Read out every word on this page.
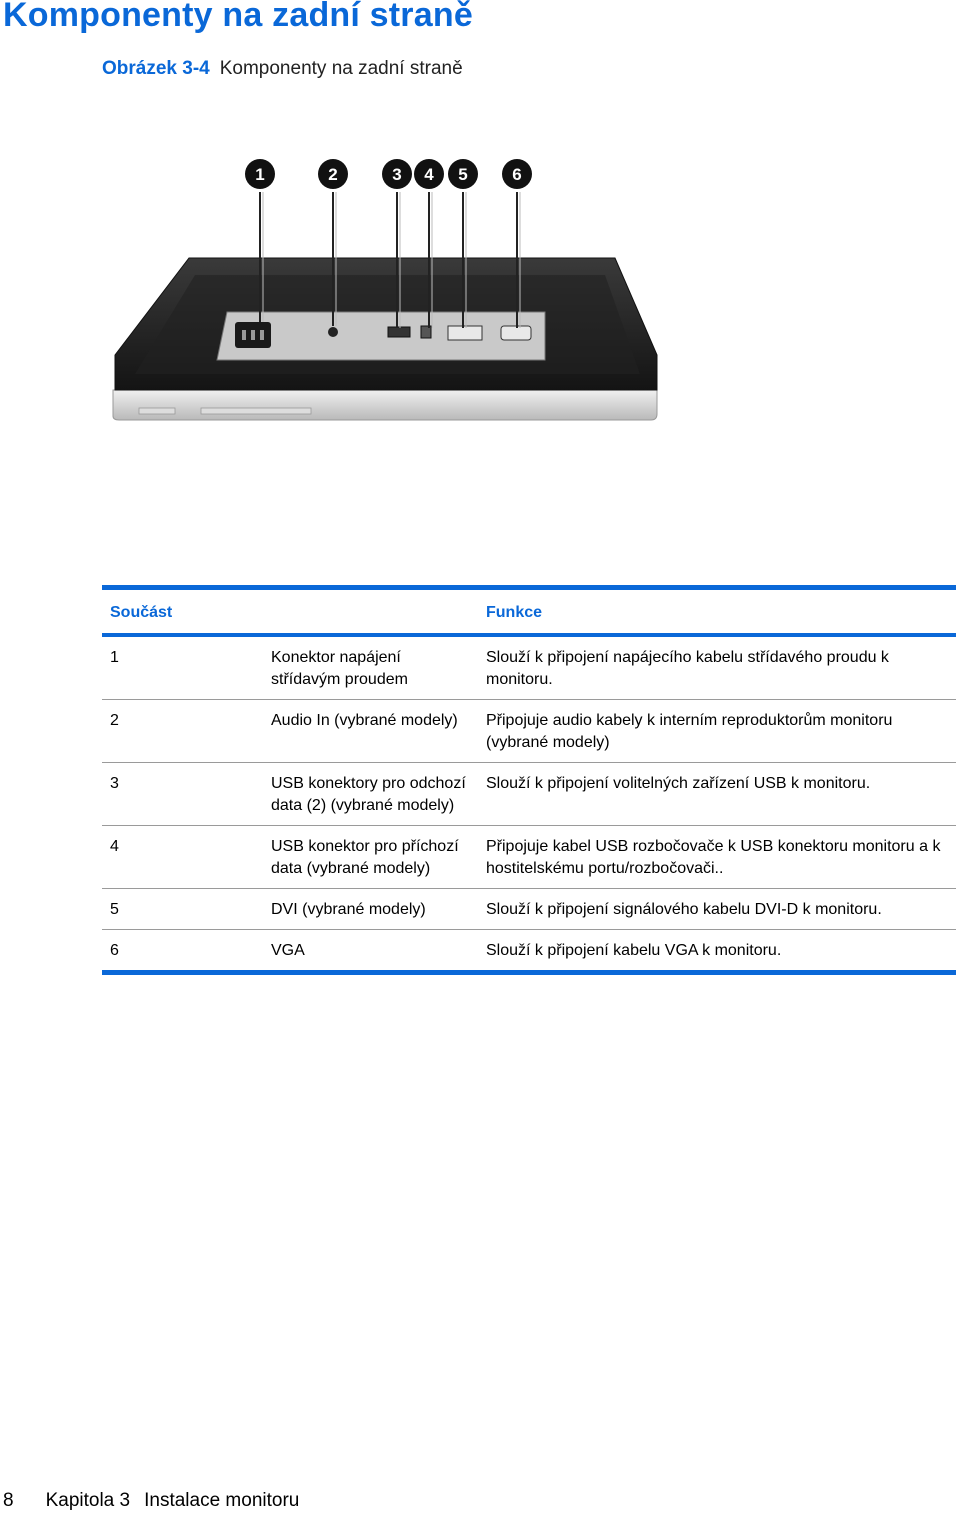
Komponenty na zadní straně
Obrázek 3-4 Komponenty na zadní straně
1	2	3 4 5	6
Součást		Funkce
1	Konektor napájení střídavým proudem	Slouží k připojení napájecího kabelu střídavého proudu k monitoru.
2	Audio In (vybrané modely)	Připojuje audio kabely k interním reproduktorům monitoru (vybrané modely)
3	USB konektory pro odchozí data (2) (vybrané modely)	Slouží k připojení volitelných zařízení USB k monitoru.
4	USB konektor pro příchozí data (vybrané modely)	Připojuje kabel USB rozbočovače k USB konektoru monitoru a k hostitelskému portu/rozbočovači..
5	DVI (vybrané modely)	Slouží k připojení signálového kabelu DVI-D k monitoru.
6	VGA	Slouží k připojení kabelu VGA k monitoru.
8 Kapitola 3 Instalace monitoru
